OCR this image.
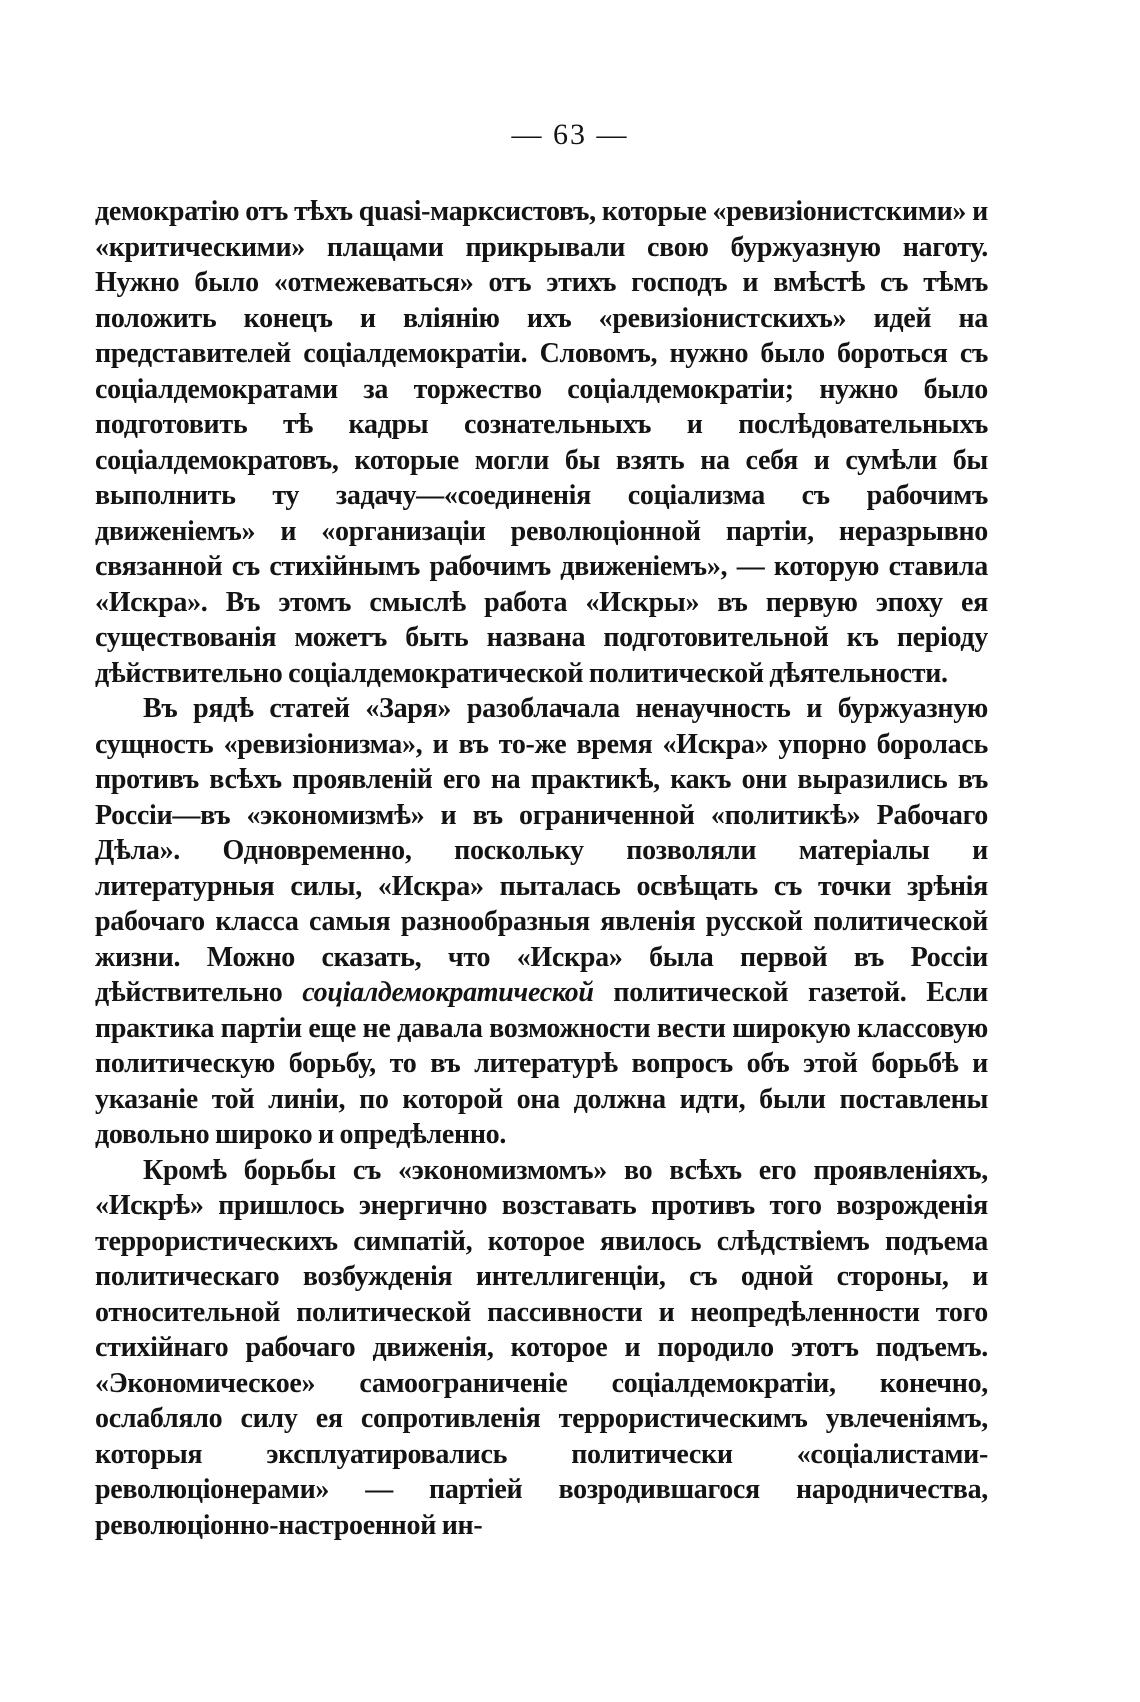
— 63 —

демократію отъ тѣхъ quasi-марксистовъ, которые «ревизіонистскими» и «критическими» плащами прикрывали свою буржуазную наготу. Нужно было «отмежеваться» отъ этихъ господъ и вмѣстѣ съ тѣмъ положить конецъ и вліянію ихъ «ревизіонистскихъ» идей на представителей соціалдемократіи. Словомъ, нужно было бороться съ соціалдемократами за торжество соціалдемократіи; нужно было подготовить тѣ кадры сознательныхъ и послѣдовательныхъ соціалдемократовъ, которые могли бы взять на себя и сумѣли бы выполнить ту задачу—«соединенія соціализма съ рабочимъ движеніемъ» и «организаціи революціонной партіи, неразрывно связанной съ стихійнымъ рабочимъ движеніемъ», — которую ставила «Искра». Въ этомъ смыслѣ работа «Искры» въ первую эпоху ея существованія можетъ быть названа подготовительной къ періоду дѣйствительно соціалдемократической политической дѣятельности.

Въ рядѣ статей «Заря» разоблачала ненаучность и буржуазную сущность «ревизіонизма», и въ то-же время «Искра» упорно боролась противъ всѣхъ проявленій его на практикѣ, какъ они выразились въ Россіи—въ «экономизмѣ» и въ ограниченной «политикѣ» Рабочаго Дѣла». Одновременно, поскольку позволяли матеріалы и литературныя силы, «Искра» пыталась освѣщать съ точки зрѣнія рабочаго класса самыя разнообразныя явленія русской политической жизни. Можно сказать, что «Искра» была первой въ Россіи дѣйствительно соціалдемократической политической газетой. Если практика партіи еще не давала возможности вести широкую классовую политическую борьбу, то въ литературѣ вопросъ объ этой борьбѣ и указаніе той линіи, по которой она должна идти, были поставлены довольно широко и опредѣленно.

Кромѣ борьбы съ «экономизмомъ» во всѣхъ его проявленіяхъ, «Искрѣ» пришлось энергично возставать противъ того возрожденія террористическихъ симпатій, которое явилось слѣдствіемъ подъема политическаго возбужденія интеллигенціи, съ одной стороны, и относительной политической пассивности и неопредѣленности того стихійнаго рабочаго движенія, которое и породило этотъ подъемъ. «Экономическое» самоограниченіе соціалдемократіи, конечно, ослабляло силу ея сопротивленія террористическимъ увлеченіямъ, которыя эксплуатировались политически «соціалистами-революціонерами» — партіей возродившагося народничества, революціонно-настроенной ин-
